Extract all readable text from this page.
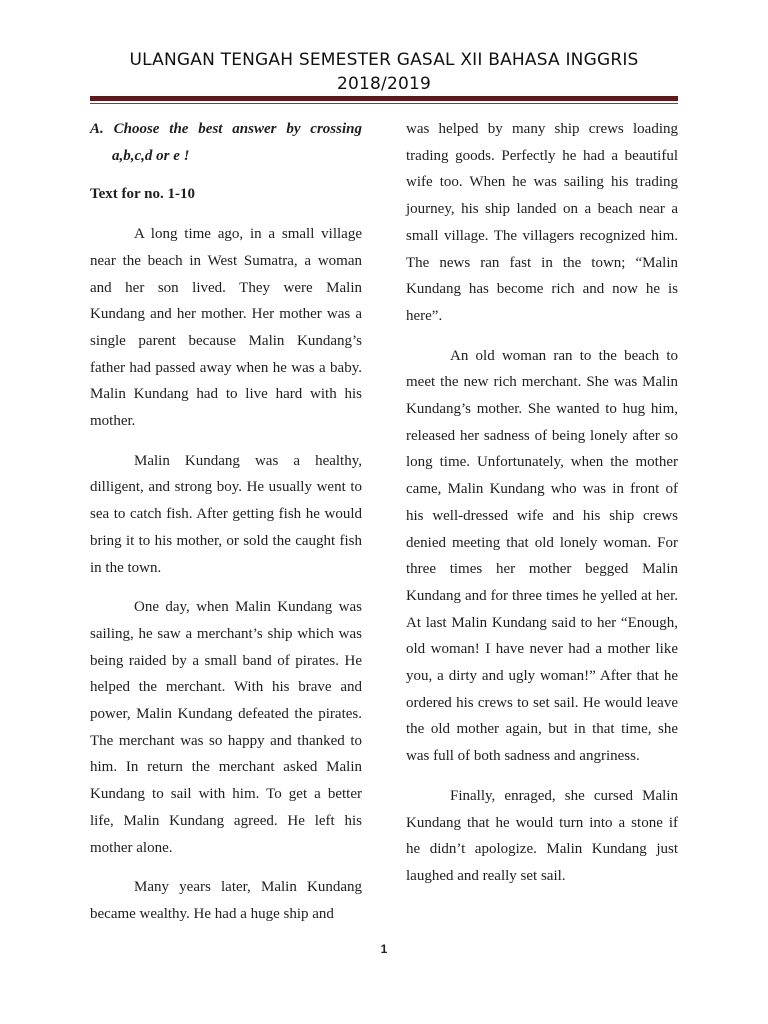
ULANGAN TENGAH SEMESTER GASAL XII BAHASA INGGRIS
2018/2019

A. Choose the best answer by crossing a,b,c,d or e !

Text for no. 1-10

A long time ago, in a small village near the beach in West Sumatra, a woman and her son lived. They were Malin Kundang and her mother. Her mother was a single parent because Malin Kundang’s father had passed away when he was a baby. Malin Kundang had to live hard with his mother.

Malin Kundang was a healthy, dilligent, and strong boy. He usually went to sea to catch fish. After getting fish he would bring it to his mother, or sold the caught fish in the town.

One day, when Malin Kundang was sailing, he saw a merchant’s ship which was being raided by a small band of pirates. He helped the merchant. With his brave and power, Malin Kundang defeated the pirates. The merchant was so happy and thanked to him. In return the merchant asked Malin Kundang to sail with him. To get a better life, Malin Kundang agreed. He left his mother alone.

Many years later, Malin Kundang became wealthy. He had a huge ship and

was helped by many ship crews loading trading goods. Perfectly he had a beautiful wife too. When he was sailing his trading journey, his ship landed on a beach near a small village. The villagers recognized him. The news ran fast in the town; “Malin Kundang has become rich and now he is here”.

An old woman ran to the beach to meet the new rich merchant. She was Malin Kundang’s mother. She wanted to hug him, released her sadness of being lonely after so long time. Unfortunately, when the mother came, Malin Kundang who was in front of his well-dressed wife and his ship crews denied meeting that old lonely woman. For three times her mother begged Malin Kundang and for three times he yelled at her. At last Malin Kundang said to her “Enough, old woman! I have never had a mother like you, a dirty and ugly woman!” After that he ordered his crews to set sail. He would leave the old mother again, but in that time, she was full of both sadness and angriness.

Finally, enraged, she cursed Malin Kundang that he would turn into a stone if he didn’t apologize. Malin Kundang just laughed and really set sail.

1
